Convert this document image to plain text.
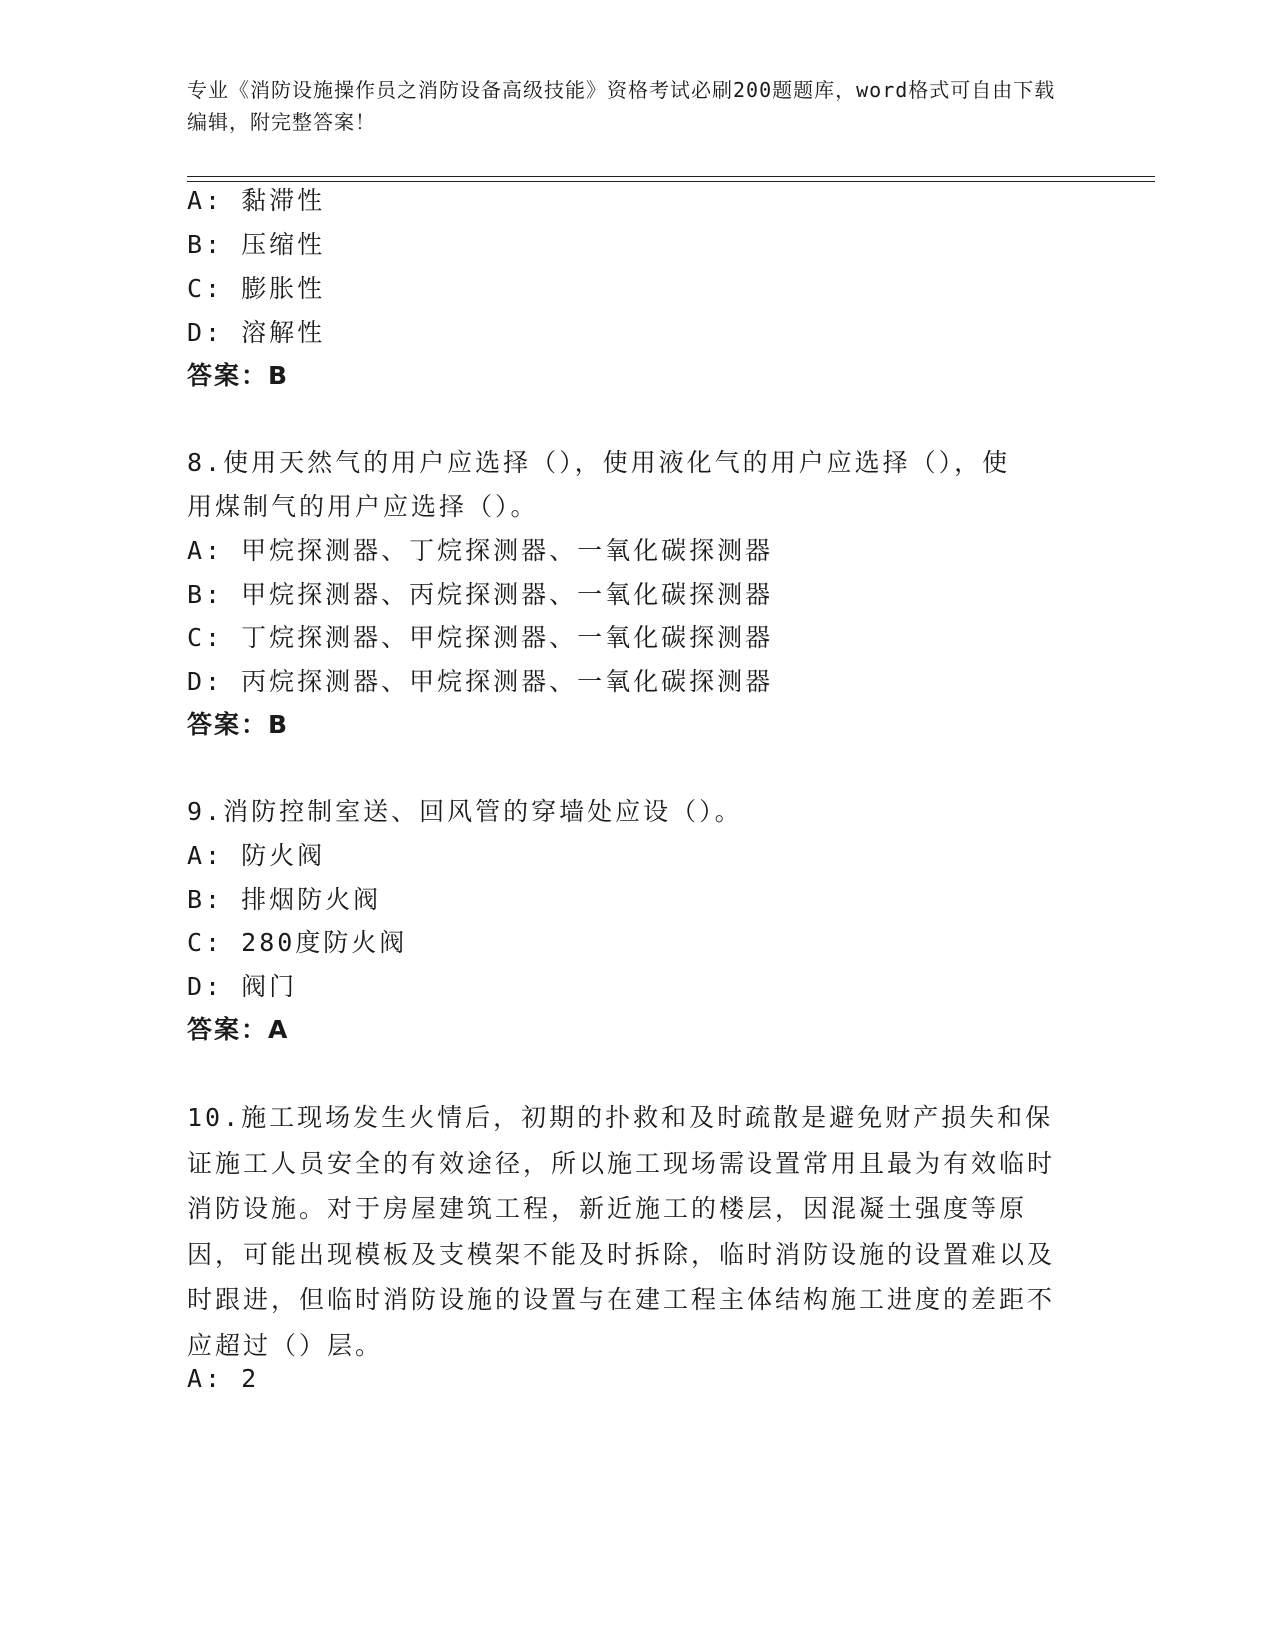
专业《消防设施操作员之消防设备高级技能》资格考试必刷200题题库，word格式可自由下载编辑，附完整答案！
A: 黏滞性
B: 压缩性
C: 膨胀性
D: 溶解性
答案：B
8.使用天然气的用户应选择（），使用液化气的用户应选择（），使
用煤制气的用户应选择（）。
A: 甲烷探测器、丁烷探测器、一氧化碳探测器
B: 甲烷探测器、丙烷探测器、一氧化碳探测器
C: 丁烷探测器、甲烷探测器、一氧化碳探测器
D: 丙烷探测器、甲烷探测器、一氧化碳探测器
答案：B
9.消防控制室送、回风管的穿墙处应设（）。
A: 防火阀
B: 排烟防火阀
C: 280度防火阀
D: 阀门
答案：A
10.施工现场发生火情后，初期的扑救和及时疏散是避免财产损失和保证施工人员安全的有效途径，所以施工现场需设置常用且最为有效临时消防设施。对于房屋建筑工程，新近施工的楼层，因混凝土强度等原因，可能出现模板及支模架不能及时拆除，临时消防设施的设置难以及时跟进，但临时消防设施的设置与在建工程主体结构施工进度的差距不应超过（）层。
A: 2
